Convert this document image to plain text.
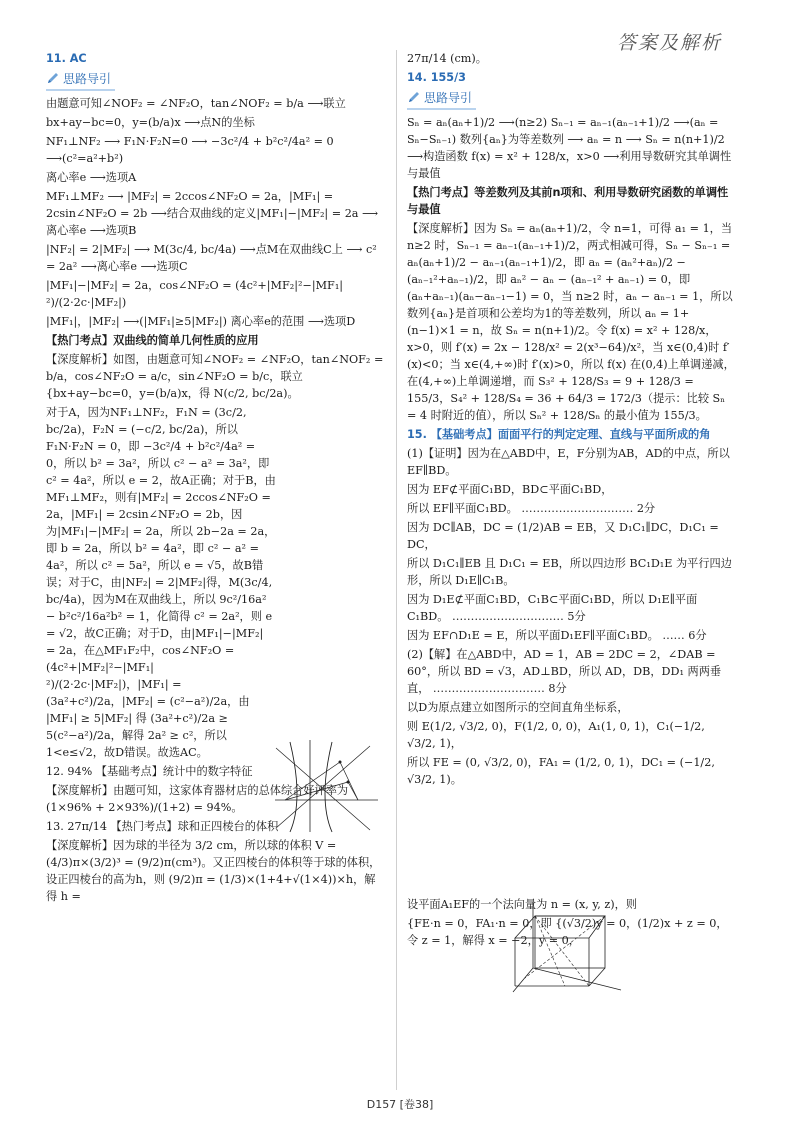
答案及解析

11. AC

思路导引

由题意可知∠NOF₂ = ∠NF₂O，tan∠NOF₂ = b/a ⟶联立

bx+ay−bc=0，y=(b/a)x ⟶点N的坐标

NF₁⊥NF₂ ⟶ F₁N·F₂N=0 ⟶ −3c²/4 + b²c²/4a² = 0 ⟶(c²=a²+b²)

离心率e ⟶选项A

MF₁⊥MF₂ ⟶ |MF₂| = 2ccos∠NF₂O = 2a，|MF₁| = 2csin∠NF₂O = 2b ⟶结合双曲线的定义|MF₁|−|MF₂| = 2a ⟶离心率e ⟶选项B

|NF₂| = 2|MF₂| ⟶ M(3c/4, bc/4a) ⟶点M在双曲线C上 ⟶ c² = 2a² ⟶离心率e ⟶选项C

|MF₁|−|MF₂| = 2a，cos∠NF₂O = (4c²+|MF₂|²−|MF₁|²)/(2·2c·|MF₂|)

|MF₁|，|MF₂| ⟶(|MF₁|≥5|MF₂|) 离心率e的范围 ⟶选项D

【热门考点】双曲线的简单几何性质的应用

【深度解析】如图，由题意可知∠NOF₂ = ∠NF₂O，tan∠NOF₂ = b/a，cos∠NF₂O = a/c，sin∠NF₂O = b/c，联立{bx+ay−bc=0，y=(b/a)x，得 N(c/2, bc/2a)。

对于A，因为NF₁⊥NF₂，F₁N = (3c/2, bc/2a)，F₂N = (−c/2, bc/2a)，所以F₁N·F₂N = 0，即 −3c²/4 + b²c²/4a² = 0，所以 b² = 3a²，所以 c² − a² = 3a²，即 c² = 4a²，所以 e = 2，故A正确；对于B，由 MF₁⊥MF₂，则有|MF₂| = 2ccos∠NF₂O = 2a，|MF₁| = 2csin∠NF₂O = 2b，因为|MF₁|−|MF₂| = 2a，所以 2b−2a = 2a，即 b = 2a，所以 b² = 4a²，即 c² − a² = 4a²，所以 c² = 5a²，所以 e = √5，故B错误；对于C，由|NF₂| = 2|MF₂|得，M(3c/4, bc/4a)，因为M在双曲线上，所以 9c²/16a² − b²c²/16a²b² = 1，化简得 c² = 2a²，则 e = √2，故C正确；对于D，由|MF₁|−|MF₂| = 2a，在△MF₁F₂中，cos∠NF₂O = (4c²+|MF₂|²−|MF₁|²)/(2·2c·|MF₂|)，|MF₁| = (3a²+c²)/2a，|MF₂| = (c²−a²)/2a，由 |MF₁| ≥ 5|MF₂| 得 (3a²+c²)/2a ≥ 5(c²−a²)/2a，解得 2a² ≥ c²，所以 1<e≤√2，故D错误。故选AC。

12. 94% 【基础考点】统计中的数字特征

【深度解析】由题可知，这家体育器材店的总体综合好评率为 (1×96% + 2×93%)/(1+2) = 94%。

13. 27π/14 【热门考点】球和正四棱台的体积

【深度解析】因为球的半径为 3/2 cm，所以球的体积 V = (4/3)π×(3/2)³ = (9/2)π(cm³)。又正四棱台的体积等于球的体积，设正四棱台的高为h，则 (9/2)π = (1/3)×(1+4+√(1×4))×h，解得 h =

27π/14 (cm)。

14. 155/3

思路导引

Sₙ = aₙ(aₙ+1)/2 ⟶(n≥2) Sₙ₋₁ = aₙ₋₁(aₙ₋₁+1)/2 ⟶(aₙ = Sₙ−Sₙ₋₁) 数列{aₙ}为等差数列 ⟶ aₙ = n ⟶ Sₙ = n(n+1)/2 ⟶构造函数 f(x) = x² + 128/x，x>0 ⟶利用导数研究其单调性与最值

【热门考点】等差数列及其前n项和、利用导数研究函数的单调性与最值

【深度解析】因为 Sₙ = aₙ(aₙ+1)/2，令 n=1，可得 a₁ = 1，当 n≥2 时，Sₙ₋₁ = aₙ₋₁(aₙ₋₁+1)/2，两式相减可得，Sₙ − Sₙ₋₁ = aₙ(aₙ+1)/2 − aₙ₋₁(aₙ₋₁+1)/2，即 aₙ = (aₙ²+aₙ)/2 − (aₙ₋₁²+aₙ₋₁)/2，即 aₙ² − aₙ − (aₙ₋₁² + aₙ₋₁) = 0，即 (aₙ+aₙ₋₁)(aₙ−aₙ₋₁−1) = 0，当 n≥2 时，aₙ − aₙ₋₁ = 1，所以数列{aₙ}是首项和公差均为1的等差数列，所以 aₙ = 1+(n−1)×1 = n，故 Sₙ = n(n+1)/2。令 f(x) = x² + 128/x，x>0，则 f′(x) = 2x − 128/x² = 2(x³−64)/x²，当 x∈(0,4)时 f′(x)<0；当 x∈(4,+∞)时 f′(x)>0，所以 f(x) 在(0,4)上单调递减，在(4,+∞)上单调递增，而 S₃² + 128/S₃ = 9 + 128/3 = 155/3，S₄² + 128/S₄ = 36 + 64/3 = 172/3（提示：比较 Sₙ = 4 时附近的值），所以 Sₙ² + 128/Sₙ 的最小值为 155/3。

15. 【基础考点】面面平行的判定定理、直线与平面所成的角

(1)【证明】因为在△ABD中，E，F分别为AB，AD的中点，所以 EF∥BD。

因为 EF⊄平面C₁BD，BD⊂平面C₁BD，

所以 EF∥平面C₁BD。 ………………………… 2分

因为 DC∥AB，DC = (1/2)AB = EB，又 D₁C₁∥DC，D₁C₁ = DC，

所以 D₁C₁∥EB 且 D₁C₁ = EB，所以四边形 BC₁D₁E 为平行四边形，所以 D₁E∥C₁B。

因为 D₁E⊄平面C₁BD，C₁B⊂平面C₁BD，所以 D₁E∥平面C₁BD。 ………………………… 5分

因为 EF∩D₁E = E，所以平面D₁EF∥平面C₁BD。 …… 6分

(2)【解】在△ABD中，AD = 1，AB = 2DC = 2，∠DAB = 60°，所以 BD = √3，AD⊥BD，所以 AD，DB，DD₁ 两两垂直， ………………………… 8分

以D为原点建立如图所示的空间直角坐标系，

则 E(1/2, √3/2, 0)，F(1/2, 0, 0)，A₁(1, 0, 1)，C₁(−1/2, √3/2, 1)，

所以 FE = (0, √3/2, 0)，FA₁ = (1/2, 0, 1)，DC₁ = (−1/2, √3/2, 1)。

设平面A₁EF的一个法向量为 n = (x, y, z)，则

{FE·n = 0，FA₁·n = 0，即 {(√3/2)y = 0，(1/2)x + z = 0，令 z = 1，解得 x = −2，y = 0，

D157 [卷38]
